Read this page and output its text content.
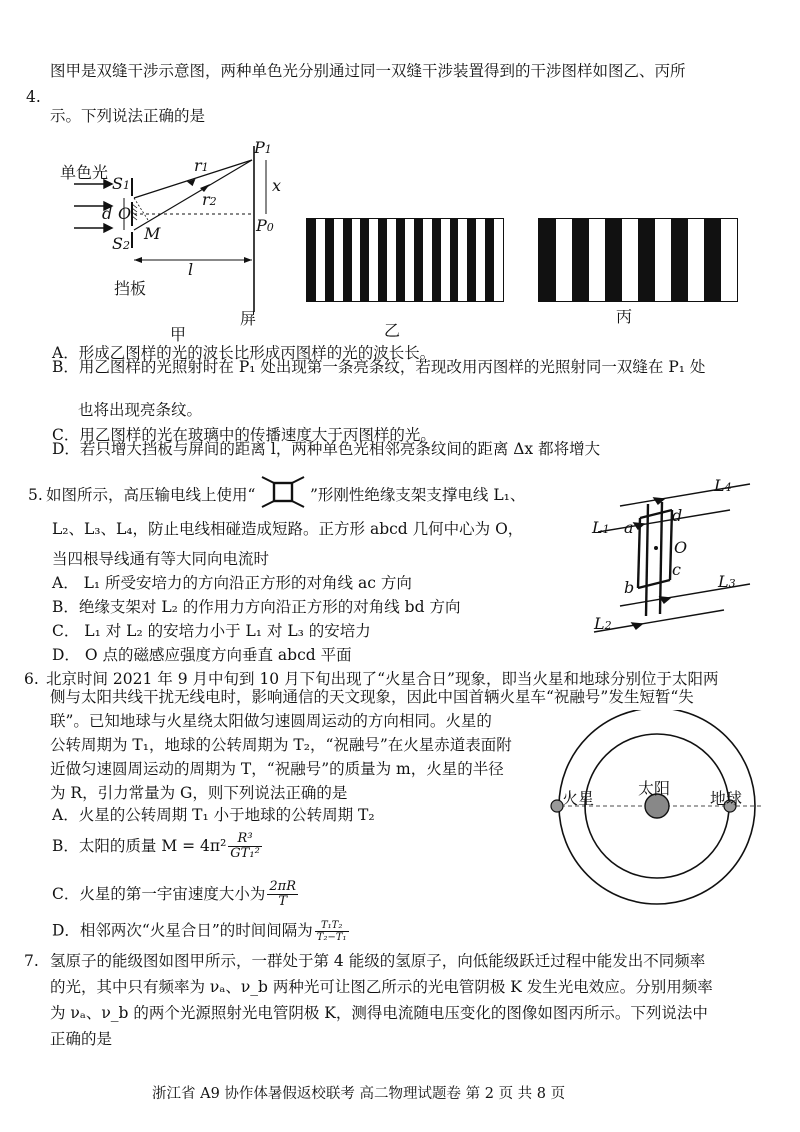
4.
图甲是双缝干涉示意图，两种单色光分别通过同一双缝干涉装置得到的干涉图样如图乙、丙所
示。下列说法正确的是
单色光
S1
d O
S2
M
r1
r2
P1
x
P0
l
挡板
屏
甲	乙
丙
A．形成乙图样的光的波长比形成丙图样的光的波长长。
B．用乙图样的光照射时在 P₁ 处出现第一条亮条纹，若现改用丙图样的光照射同一双缝在 P₁ 处
也将出现亮条纹。
C．用乙图样的光在玻璃中的传播速度大于丙图样的光。
D．若只增大挡板与屏间的距离 l，两种单色光相邻亮条纹间的距离 Δx 都将增大
5. 如图所示，高压输电线上使用“	”形刚性绝缘支架支撑电线 L₁、
L₂、L₃、L₄，防止电线相碰造成短路。正方形 abcd 几何中心为 O，
当四根导线通有等大同向电流时
A． L₁ 所受安培力的方向沿正方形的对角线 ac 方向
B．绝缘支架对 L₂ 的作用力方向沿正方形的对角线 bd 方向
C． L₁ 对 L₂ 的安培力小于 L₁ 对 L₃ 的安培力
D． O 点的磁感应强度方向垂直 abcd 平面
L4
L1
L3
L2
a
d
O
c
b
6. 北京时间 2021 年 9 月中旬到 10 月下旬出现了“火星合日”现象，即当火星和地球分别位于太阳两
侧与太阳共线干扰无线电时，影响通信的天文现象，因此中国首辆火星车“祝融号”发生短暂“失
联”。已知地球与火星绕太阳做匀速圆周运动的方向相同。火星的
公转周期为 T₁，地球的公转周期为 T₂，“祝融号”在火星赤道表面附
近做匀速圆周运动的周期为 T，“祝融号”的质量为 m，火星的半径
为 R，引力常量为 G，则下列说法正确的是
A．火星的公转周期 T₁ 小于地球的公转周期 T₂
B．太阳的质量 $M = 4\pi^2 \frac{\text{R³}}{\text{GT₁²}}$
C．火星的第一宇宙速度大小为 $\frac{2\pi R}{T}$
D．相邻两次“火星合日”的时间间隔为 $\frac{\text{T₁T₂}}{\text{T₂−T₁}}$
火星
太阳
地球
7. 氢原子的能级图如图甲所示，一群处于第 4 能级的氢原子，向低能级跃迁过程中能发出不同频率
的光，其中只有频率为 νₐ、ν_b 两种光可让图乙所示的光电管阴极 K 发生光电效应。分别用频率
为 νₐ、ν_b 的两个光源照射光电管阴极 K，测得电流随电压变化的图像如图丙所示。下列说法中
正确的是
浙江省 A9 协作体暑假返校联考 高二物理试题卷 第 2 页 共 8 页
